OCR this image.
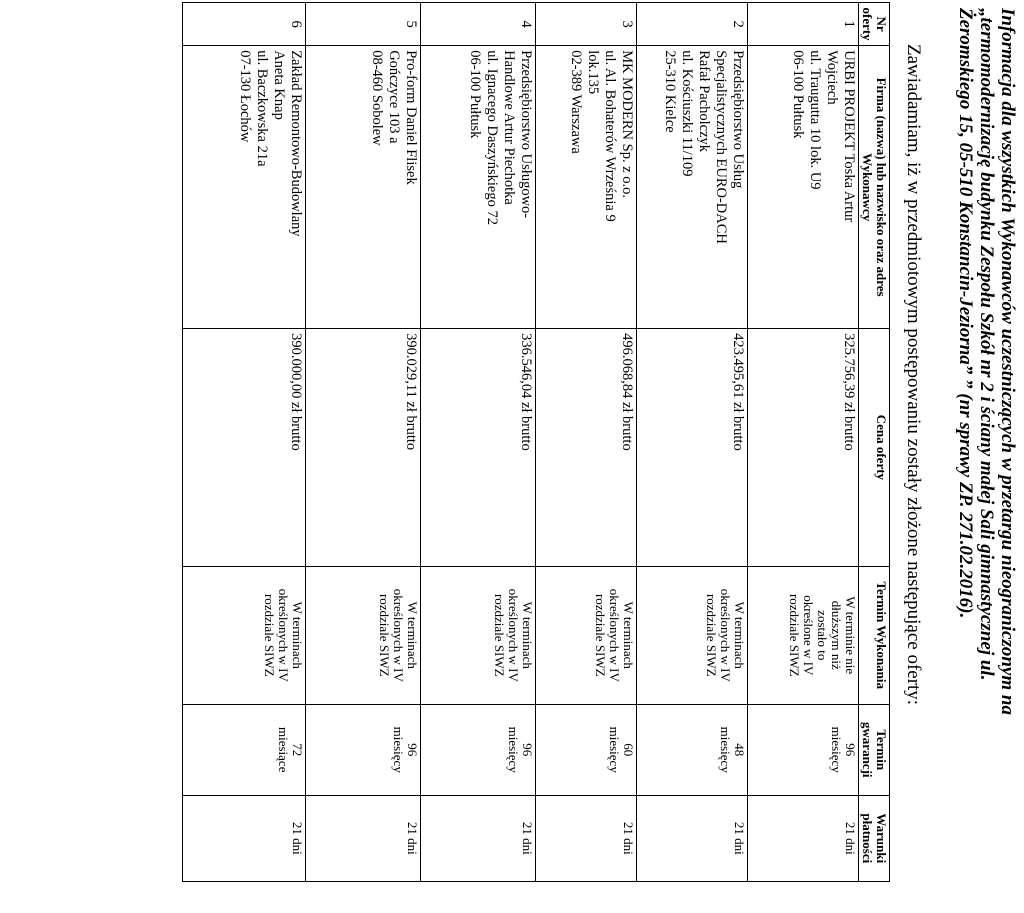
Informacja dla wszystkich Wykonawców uczestniczących w przetargu nieograniczonym na
„termomodernizację budynku Zespołu Szkół nr 2 i ściany małej Sali gimnastycznej ul.
Żeromskiego 15, 05-510 Konstancin-Jeziorna” ” (nr sprawy ZP. 271.02.2016).

Zawiadamiam, iż w przedmiotowym postępowaniu zostały złożone następujące oferty:

Nr oferty	Firma (nazwa) lub nazwisko oraz adres Wykonawcy	Cena oferty	Termin Wykonania	Termin gwarancji	Warunki płatności
1	URBI PROJEKT Toska Artur
Wojciech
ul. Traugutta 10 lok. U9
06-100 Pułtusk	325.756,39 zł brutto	W terminie nie
dłuższym niż
zostało to
określone w IV
rozdziale SIWZ	96
miesięcy	21 dni
2	Przedsiębiorstwo Usług
Specjalistycznych EURO-DACH
Rafał Pacholczyk
ul. Kościuszki 11/109
25-310 Kielce	423.495,61 zł brutto	W terminach
określonych w IV
rozdziale SIWZ	48
miesięcy	21 dni
3	MK MODERN Sp. z o.o.
ul. Al. Bohaterów Września 9
lok.135
02-389 Warszawa	496.068,84 zł brutto	W terminach
określonych w IV
rozdziale SIWZ	60
miesięcy	21 dni
4	Przedsiębiorstwo Usługowo-
Handlowe Artur Piechotka
ul. Ignacego Daszyńskiego 72
06-100 Pułtusk	336.546,04 zł brutto	W terminach
określonych w IV
rozdziale SIWZ	96
miesięcy	21 dni
5	Pro-form Daniel Flisek
Gończyce 103 a
08-460 Sobolew	390.029,11 zł brutto	W terminach
określonych w IV
rozdziale SIWZ	96
miesięcy	21 dni
6	Zakład Remontowo-Budowlany
Aneta Knap
ul. Baczkowska 21a
07-130 Łochów	390.000,00 zł brutto	W terminach
określonych w IV
rozdziale SIWZ	72
miesiące	21 dni
